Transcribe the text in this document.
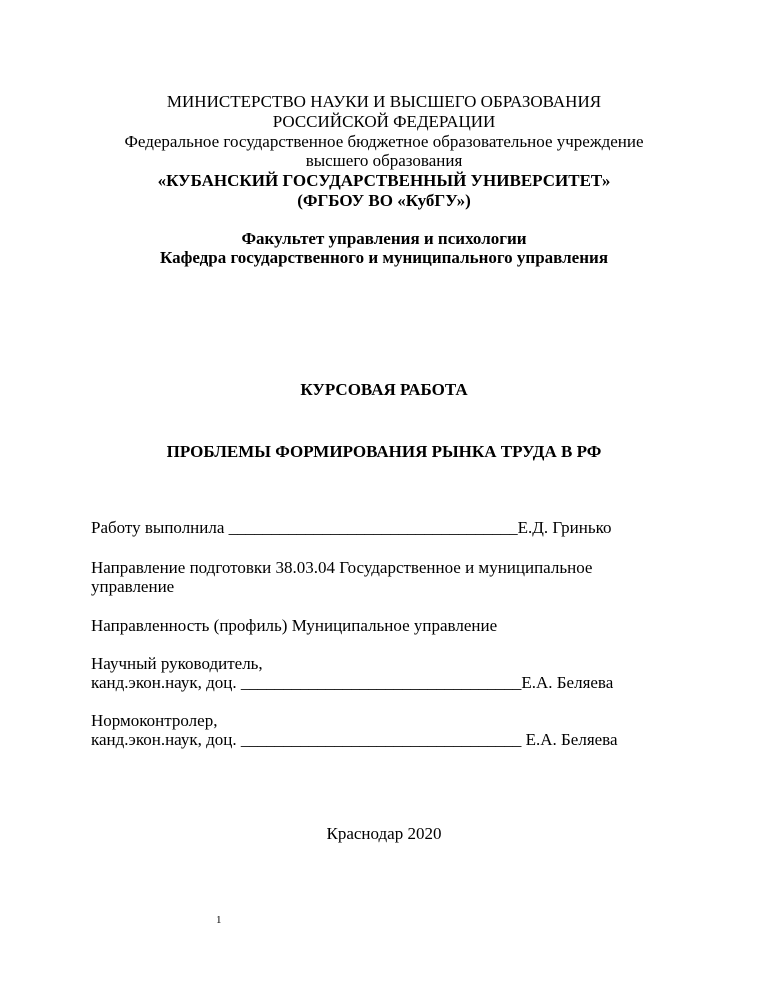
МИНИСТЕРСТВО НАУКИ И ВЫСШЕГО ОБРАЗОВАНИЯ
РОССИЙСКОЙ ФЕДЕРАЦИИ
Федеральное государственное бюджетное образовательное учреждение
высшего образования
«КУБАНСКИЙ ГОСУДАРСТВЕННЫЙ УНИВЕРСИТЕТ»
(ФГБОУ ВО «КубГУ»)
Факультет управления и психологии
Кафедра государственного и муниципального управления
КУРСОВАЯ РАБОТА
ПРОБЛЕМЫ ФОРМИРОВАНИЯ РЫНКА ТРУДА В РФ
Работу выполнила __________________________________Е.Д. Гринько
Направление подготовки 38.03.04 Государственное и муниципальное
управление
Направленность (профиль) Муниципальное управление
Научный руководитель,
канд.экон.наук, доц. _________________________________Е.А. Беляева
Нормоконтролер,
канд.экон.наук, доц. _________________________________ Е.А. Беляева
Краснодар 2020
1
